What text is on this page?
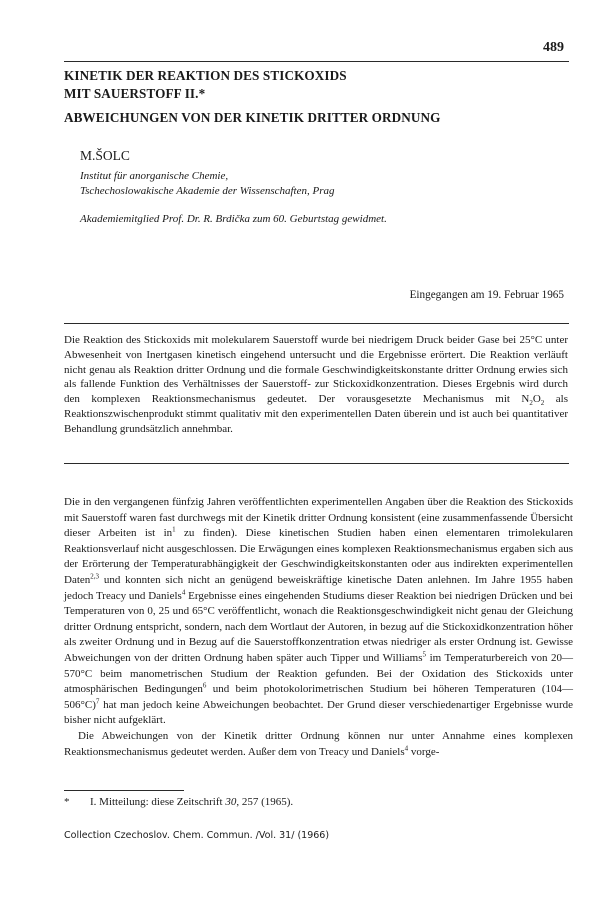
489
KINETIK DER REAKTION DES STICKOXIDS
MIT SAUERSTOFF II.*
ABWEICHUNGEN VON DER KINETIK DRITTER ORDNUNG
M.ŠOLC
Institut für anorganische Chemie,
Tschechoslowakische Akademie der Wissenschaften, Prag
Akademiemitglied Prof. Dr. R. Brdička zum 60. Geburtstag gewidmet.
Eingegangen am 19. Februar 1965
Die Reaktion des Stickoxids mit molekularem Sauerstoff wurde bei niedrigem Druck beider Gase bei 25°C unter Abwesenheit von Inertgasen kinetisch eingehend untersucht und die Ergebnisse erörtert. Die Reaktion verläuft nicht genau als Reaktion dritter Ordnung und die formale Geschwindigkeitskonstante dritter Ordnung erwies sich als fallende Funktion des Verhältnisses der Sauerstoff- zur Stickoxidkonzentration. Dieses Ergebnis wird durch den komplexen Reaktionsmechanismus gedeutet. Der vorausgesetzte Mechanismus mit $N_2O_2$ als Reaktionszwischenprodukt stimmt qualitativ mit den experimentellen Daten überein und ist auch bei quantitativer Behandlung grundsätzlich annehmbar.

Die in den vergangenen fünfzig Jahren veröffentlichten experimentellen Angaben über die Reaktion des Stickoxids mit Sauerstoff waren fast durchwegs mit der Kinetik dritter Ordnung konsistent (eine zusammenfassende Übersicht dieser Arbeiten ist $in^1$ zu finden). Diese kinetischen Studien haben einen elementaren trimolekularen Reaktionsverlauf nicht ausgeschlossen. Die Erwägungen eines komplexen Reaktionsmechanismus ergaben sich aus der Erörterung der Temperaturabhängigkeit der Geschwindigkeitskonstanten oder aus indirekten experimentellen Daten$^{2,3}$ und konnten sich nicht an genügend beweiskräftige kinetische Daten anlehnen. Im Jahre 1955 haben jedoch Treacy und Daniels$^4$ Ergebnisse eines eingehenden Studiums dieser Reaktion bei niedrigen Drücken und bei Temperaturen von 0, 25 und 65°C veröffentlicht, wonach die Reaktionsgeschwindigkeit nicht genau der Gleichung dritter Ordnung entspricht, sondern, nach dem Wortlaut der Autoren, in bezug auf die Stickoxidkonzentration höher als zweiter Ordnung und in Bezug auf die Sauerstoffkonzentration etwas niedriger als erster Ordnung ist. Gewisse Abweichungen von der dritten Ordnung haben später auch Tipper und Williams$^5$ im Temperaturbereich von 20—570°C beim manometrischen Studium der Reaktion gefunden. Bei der Oxidation des Stickoxids unter atmosphärischen Bedingungen$^6$ und beim photokolorimetrischen Studium bei höheren Temperaturen (104—506°C)$^7$ hat man jedoch keine Abweichungen beobachtet. Der Grund dieser verschiedenartiger Ergebnisse wurde bisher nicht aufgeklärt.

Die Abweichungen von der Kinetik dritter Ordnung können nur unter Annahme eines komplexen Reaktionsmechanismus gedeutet werden. Außer dem von Treacy und Daniels$^4$ vorge-

* I. Mitteilung: diese Zeitschrift 30, 257 (1965).
Collection Czechoslov. Chem. Commun. /Vol. 31/ (1966)
